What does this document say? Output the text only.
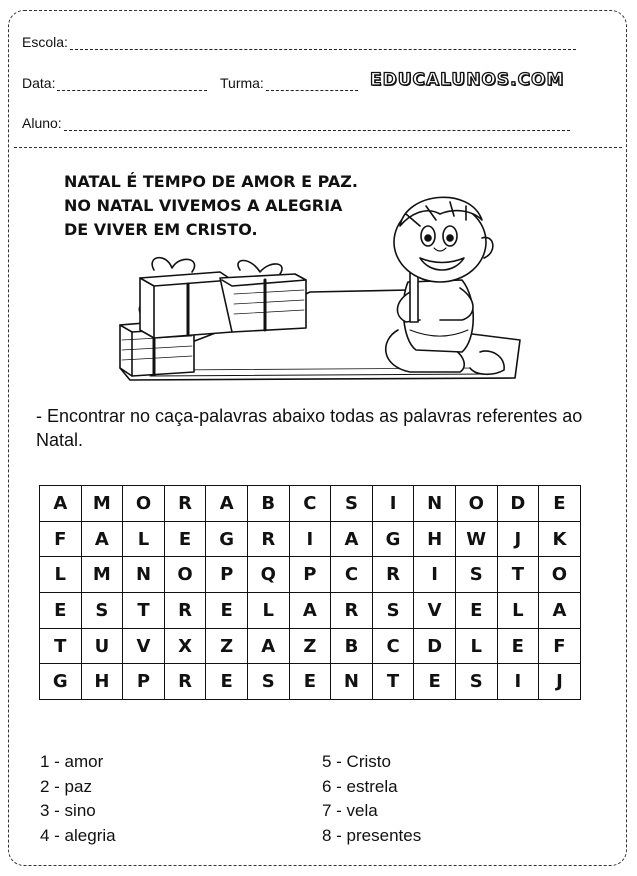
Escola:
Data:	Turma:	EDUCALUNOS.COM
Aluno:
NATAL É TEMPO DE AMOR E PAZ.
NO NATAL VIVEMOS A ALEGRIA
DE VIVER EM CRISTO.
- Encontrar no caça-palavras abaixo todas as palavras referentes ao Natal.
A	M	O	R	A	B	C	S	I	N	O	D	E
F	A	L	E	G	R	I	A	G	H	W	J	K
L	M	N	O	P	Q	P	C	R	I	S	T	O
E	S	T	R	E	L	A	R	S	V	E	L	A
T	U	V	X	Z	A	Z	B	C	D	L	E	F
G	H	P	R	E	S	E	N	T	E	S	I	J
1 - amor
2 - paz
3 - sino
4 - alegria
5 - Cristo
6 - estrela
7 - vela
8 - presentes
